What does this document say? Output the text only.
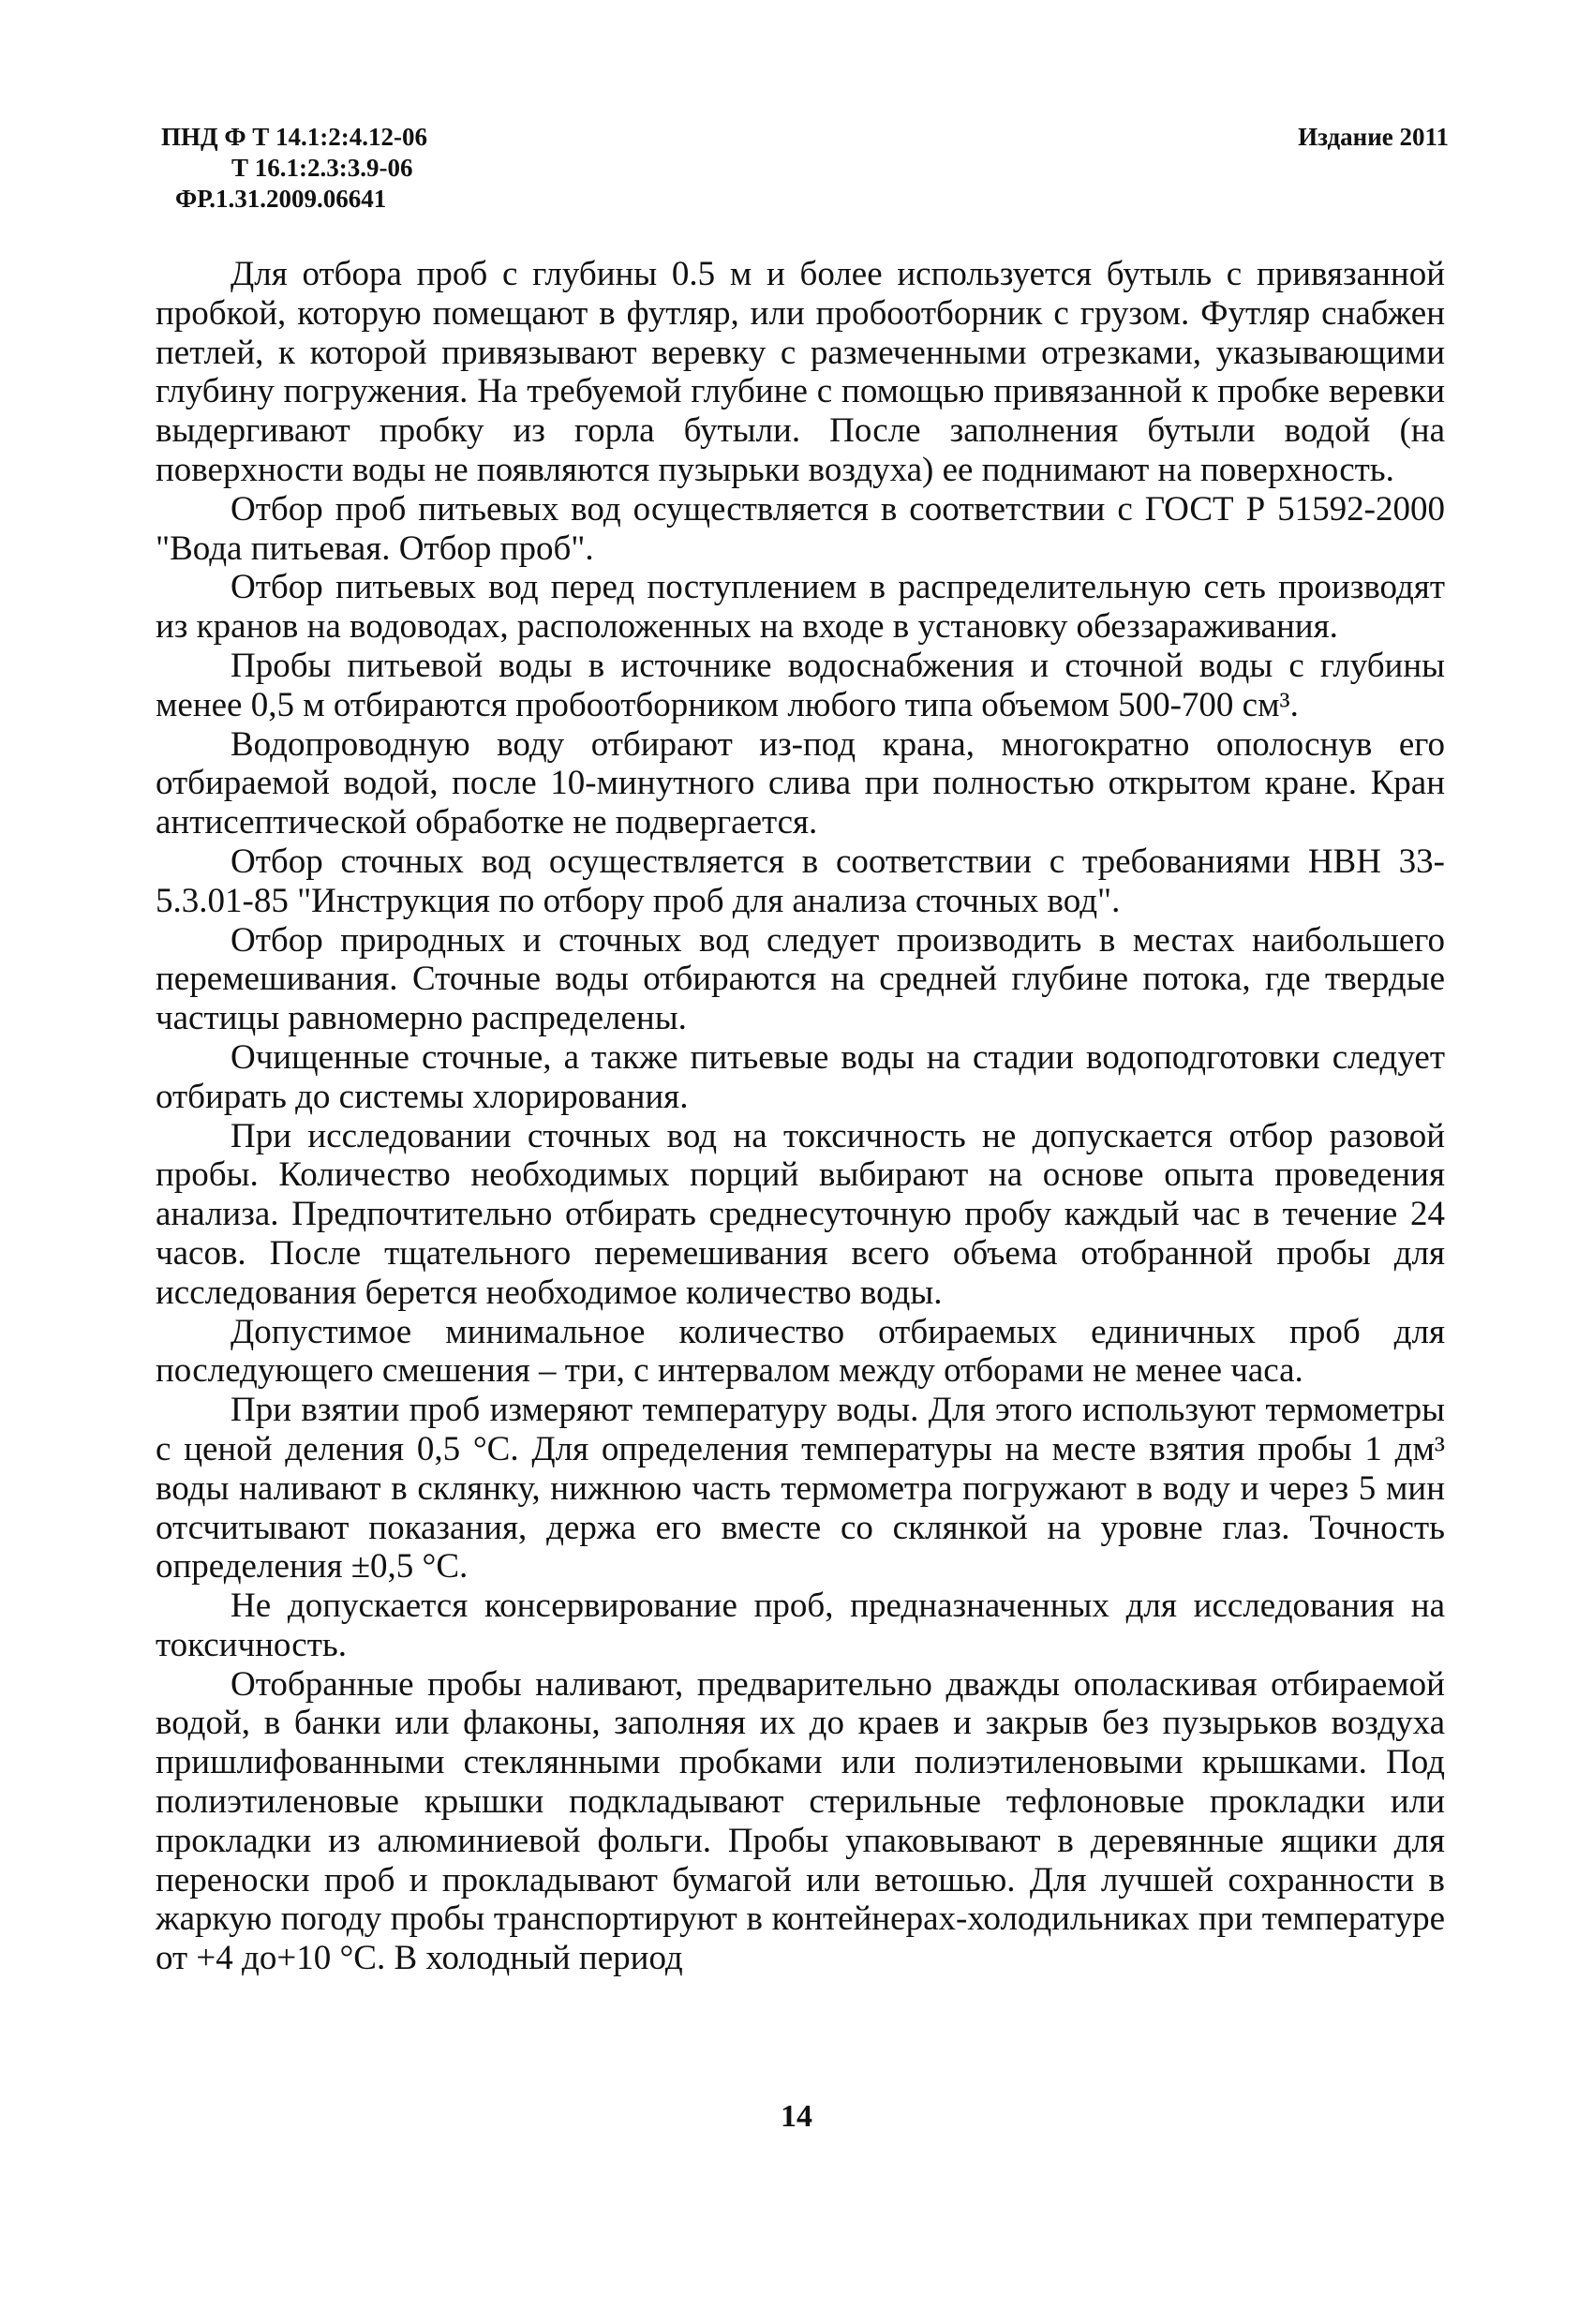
ПНД Ф Т 14.1:2:4.12-06
Т 16.1:2.3:3.9-06
ФР.1.31.2009.06641
Издание 2011

Для отбора проб с глубины 0.5 м и более используется бутыль с привязанной пробкой, которую помещают в футляр, или пробоотборник с грузом. Футляр снабжен петлей, к которой привязывают веревку с размеченными отрезками, указывающими глубину погружения. На требуемой глубине с помощью привязанной к пробке веревки выдергивают пробку из горла бутыли. После заполнения бутыли водой (на поверхности воды не появляются пузырьки воздуха) ее поднимают на поверхность.

Отбор проб питьевых вод осуществляется в соответствии с ГОСТ Р 51592-2000 "Вода питьевая. Отбор проб".

Отбор питьевых вод перед поступлением в распределительную сеть производят из кранов на водоводах, расположенных на входе в установку обеззараживания.

Пробы питьевой воды в источнике водоснабжения и сточной воды с глубины менее 0,5 м отбираются пробоотборником любого типа объемом 500-700 см³.

Водопроводную воду отбирают из-под крана, многократно ополоснув его отбираемой водой, после 10-минутного слива при полностью открытом кране. Кран антисептической обработке не подвергается.

Отбор сточных вод осуществляется в соответствии с требованиями НВН 33-5.3.01-85 "Инструкция по отбору проб для анализа сточных вод".

Отбор природных и сточных вод следует производить в местах наибольшего перемешивания. Сточные воды отбираются на средней глубине потока, где твердые частицы равномерно распределены.

Очищенные сточные, а также питьевые воды на стадии водоподготовки следует отбирать до системы хлорирования.

При исследовании сточных вод на токсичность не допускается отбор разовой пробы. Количество необходимых порций выбирают на основе опыта проведения анализа. Предпочтительно отбирать среднесуточную пробу каждый час в течение 24 часов. После тщательного перемешивания всего объема отобранной пробы для исследования берется необходимое количество воды.

Допустимое минимальное количество отбираемых единичных проб для последующего смешения – три, с интервалом между отборами не менее часа.

При взятии проб измеряют температуру воды. Для этого используют термометры с ценой деления 0,5 °С. Для определения температуры на месте взятия пробы 1 дм³ воды наливают в склянку, нижнюю часть термометра погружают в воду и через 5 мин отсчитывают показания, держа его вместе со склянкой на уровне глаз. Точность определения ±0,5 °С.

Не допускается консервирование проб, предназначенных для исследования на токсичность.

Отобранные пробы наливают, предварительно дважды ополаскивая отбираемой водой, в банки или флаконы, заполняя их до краев и закрыв без пузырьков воздуха пришлифованными стеклянными пробками или полиэтиленовыми крышками. Под полиэтиленовые крышки подкладывают стерильные тефлоновые прокладки или прокладки из алюминиевой фольги. Пробы упаковывают в деревянные ящики для переноски проб и прокладывают бумагой или ветошью. Для лучшей сохранности в жаркую погоду пробы транспортируют в контейнерах-холодильниках при температуре от +4 до+10 °С. В холодный период

14
